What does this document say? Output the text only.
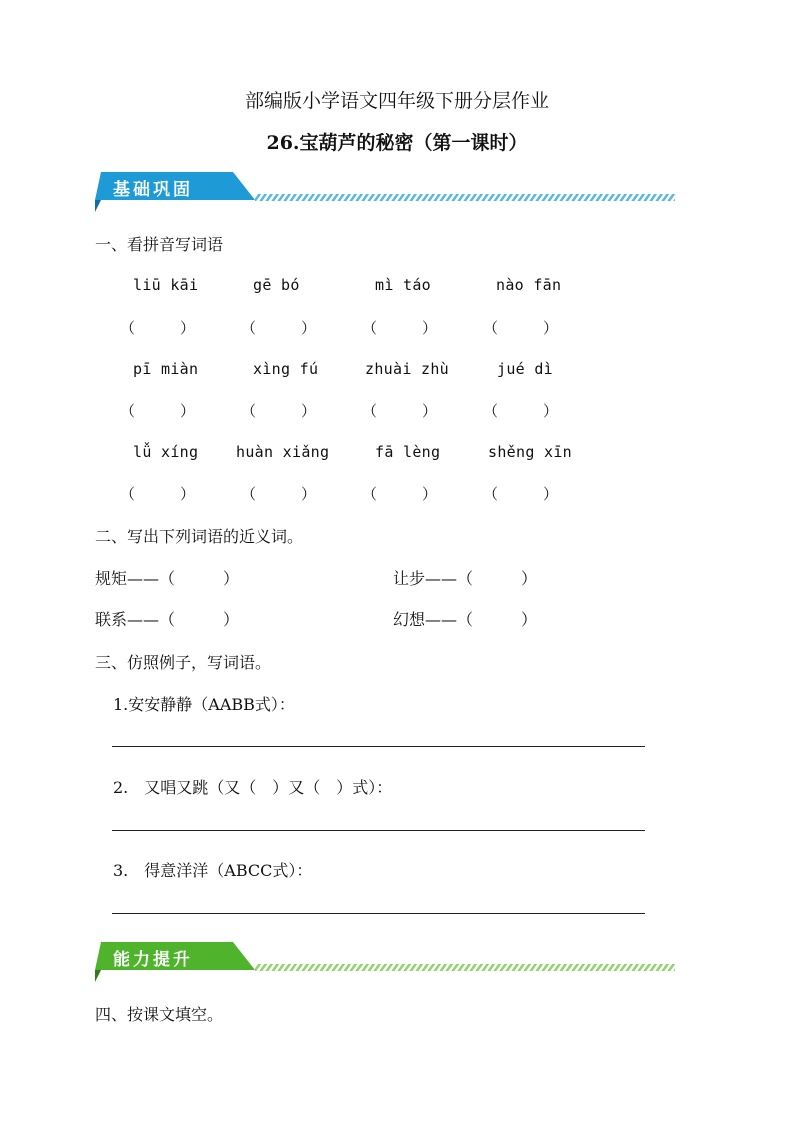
部编版小学语文四年级下册分层作业
26.宝葫芦的秘密（第一课时）
基础巩固
一、看拼音写词语
liū kāi	gē bó	mì táo	nào fān
（　　　）	（　　　）	（　　　）	（　　　）
pī miàn	xìng fú	zhuài zhù	jué dì
（　　　）	（　　　）	（　　　）	（　　　）
lǚ xíng	huàn xiǎng	fā lèng	shěng xīn
（　　　）	（　　　）	（　　　）	（　　　）
二、写出下列词语的近义词。
规矩——（　　　）	让步——（　　　）
联系——（　　　）	幻想——（　　　）
三、仿照例子，写词语。
1.安安静静（AABB式）：
2.　又唱又跳（又（　）又（　）式）：
3.　得意洋洋（ABCC式）：
能力提升
四、按课文填空。
